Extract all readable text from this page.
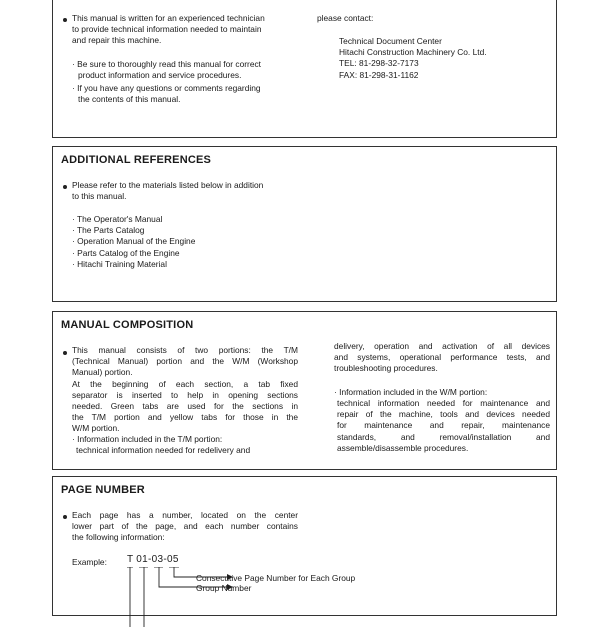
This manual is written for an experienced technician
to provide technical information needed to maintain
and repair this machine.
· Be sure to thoroughly read this manual for correct
product information and service procedures.
· If you have any questions or comments regarding
the contents of this manual.
please contact:
Technical Document Center
Hitachi Construction Machinery Co. Ltd.
TEL: 81-298-32-7173
FAX: 81-298-31-1162
ADDITIONAL REFERENCES
Please refer to the materials listed below in addition
to this manual.
· The Operator's Manual
· The Parts Catalog
· Operation Manual of the Engine
· Parts Catalog of the Engine
· Hitachi Training Material
MANUAL COMPOSITION
This manual consists of two portions: the T/M
(Technical Manual) portion and the W/M (Workshop
Manual) portion.
At the beginning of each section, a tab fixed
separator is inserted to help in opening sections
needed. Green tabs are used for the sections in
the T/M portion and yellow tabs for those in the
W/M portion.
· Information included in the T/M portion:
technical information needed for redelivery and
delivery, operation and activation of all devices
and systems, operational performance tests, and
troubleshooting procedures.
· Information included in the W/M portion:
technical information needed for maintenance and
repair of the machine, tools and devices needed
for maintenance and repair, maintenance
standards, and removal/installation and
assemble/disassemble procedures.
PAGE NUMBER
Each page has a number, located on the center
lower part of the page, and each number contains
the following information:
Example: T 01-03-05
Consecutive Page Number for Each Group
Group Number
